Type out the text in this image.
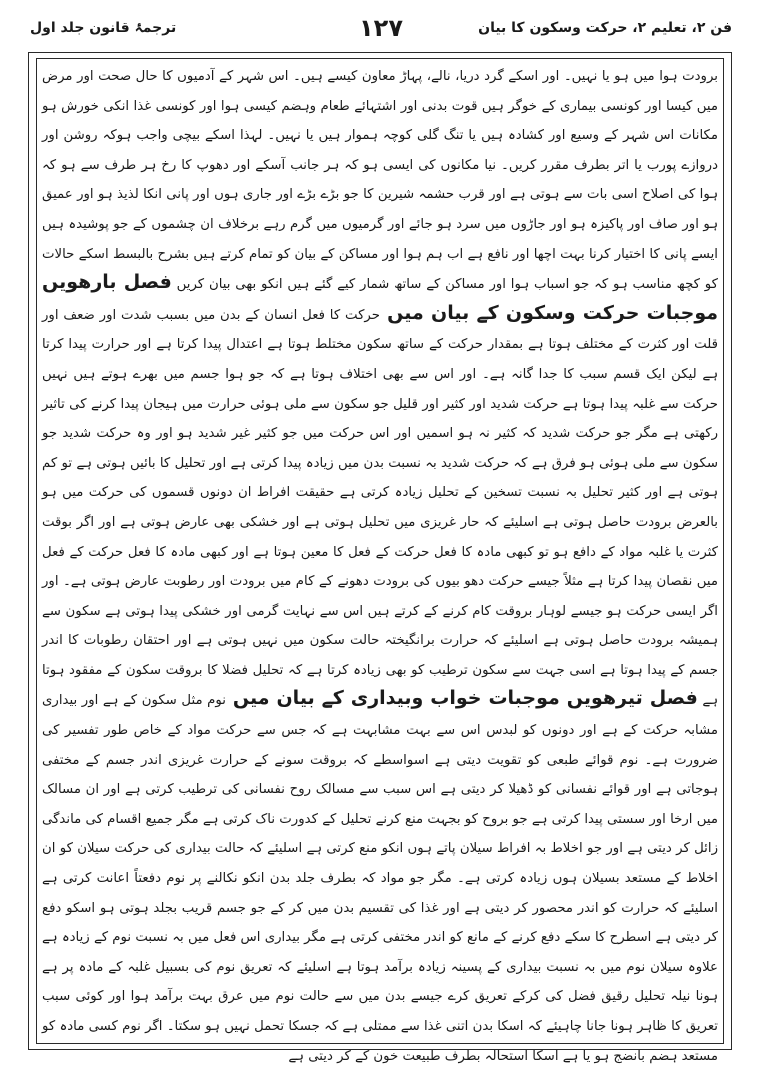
فن ۲، تعلیم ۲، حرکت وسکون کا بیان
۱۲۷
ترجمۂ قانون جلد اول

برودت ہوا میں ہو یا نہیں۔ اور اسکے گرد دریا، نالے، پہاڑ معاون کیسے ہیں۔ اس شہر کے آدمیوں کا حال صحت اور مرض میں کیسا اور کونسی بیماری کے خوگر ہیں قوت بدنی اور اشتہائے طعام وہضم کیسی ہوا اور کونسی غذا انکی خورش ہو مکانات اس شہر کے وسیع اور کشادہ ہیں یا تنگ گلی کوچہ ہموار ہیں یا نہیں۔ لہذا اسکے بیچی واجب ہوکہ روشن اور دروازے پورب یا اتر بطرف مقرر کریں۔ نیا مکانوں کی ایسی ہو کہ ہر جانب آسکے اور دھوپ کا رخ ہر طرف سے ہو کہ ہوا کی اصلاح اسی بات سے ہوتی ہے اور قرب حشمہ شیرین کا جو بڑے بڑے اور جاری ہوں اور پانی انکا لذیذ ہو اور عمیق ہو اور صاف اور پاکیزہ ہو اور جاڑوں میں سرد ہو جائے اور گرمیوں میں گرم رہے برخلاف ان چشموں کے جو پوشیدہ ہیں ایسے پانی کا اختیار کرنا بہت اچھا اور نافع ہے اب ہم ہوا اور مساکن کے بیان کو تمام کرتے ہیں بشرح بالبسط اسکے حالات کو کچھ مناسب ہو کہ جو اسباب ہوا اور مساکن کے ساتھ شمار کیے گئے ہیں انکو بھی بیان کریں

فصل بارھویں موجبات حرکت وسکون کے بیان میں

حرکت کا فعل انسان کے بدن میں بسبب شدت اور ضعف اور قلت اور کثرت کے مختلف ہوتا ہے بمقدار حرکت کے ساتھ سکون مختلط ہوتا ہے اعتدال پیدا کرتا ہے اور حرارت پیدا کرتا ہے لیکن ایک قسم سبب کا جدا گانہ ہے۔ اور اس سے بھی اختلاف ہوتا ہے کہ جو ہوا جسم میں بھرے ہوتے ہیں نہیں حرکت سے غلبہ پیدا ہوتا ہے حرکت شدید اور کثیر اور قلیل جو سکون سے ملی ہوئی حرارت میں ہیجان پیدا کرنے کی تاثیر رکھتی ہے مگر جو حرکت شدید کہ کثیر نہ ہو اسمیں اور اس حرکت میں جو کثیر غیر شدید ہو اور وہ حرکت شدید جو سکون سے ملی ہوئی ہو فرق ہے کہ حرکت شدید بہ نسبت بدن میں زیادہ پیدا کرتی ہے اور تحلیل کا بائیں ہوتی ہے تو کم ہوتی ہے اور کثیر تحلیل بہ نسبت تسخین کے تحلیل زیادہ کرتی ہے حقیقت افراط ان دونوں قسموں کی حرکت میں ہو بالعرض برودت حاصل ہوتی ہے اسلیئے کہ حار غریزی میں تحلیل ہوتی ہے اور خشکی بھی عارض ہوتی ہے اور اگر بوقت کثرت یا غلبہ مواد کے دافع ہو تو کبھی مادہ کا فعل حرکت کے فعل کا معین ہوتا ہے اور کبھی مادہ کا فعل حرکت کے فعل میں نقصان پیدا کرتا ہے مثلاً جیسے حرکت دھو بیوں کی برودت دھونے کے کام میں برودت اور رطوبت عارض ہوتی ہے۔ اور اگر ایسی حرکت ہو جیسے لوہار بروقت کام کرنے کے کرتے ہیں اس سے نہایت گرمی اور خشکی پیدا ہوتی ہے سکون سے ہمیشہ برودت حاصل ہوتی ہے اسلیئے کہ حرارت برانگیختہ حالت سکون میں نہیں ہوتی ہے اور احتقان رطوبات کا اندر جسم کے پیدا ہوتا ہے اسی جہت سے سکون ترطیب کو بھی زیادہ کرتا ہے کہ تحلیل فضلا کا بروقت سکون کے مفقود ہوتا ہے

فصل تیرھویں موجبات خواب وبیداری کے بیان میں

نوم مثل سکون کے ہے اور بیداری مشابہ حرکت کے ہے اور دونوں کو لبدس اس سے بہت مشابہت ہے کہ جس سے حرکت مواد کے خاص طور تفسیر کی ضرورت ہے۔ نوم قوائے طبعی کو تقویت دیتی ہے اسواسطے کہ بروقت سونے کے حرارت غریزی اندر جسم کے مختفی ہوجاتی ہے اور قوائے نفسانی کو ڈھیلا کر دیتی ہے اس سبب سے مسالک روح نفسانی کی ترطیب کرتی ہے اور ان مسالک میں ارخا اور سستی پیدا کرتی ہے جو بروح کو بجہت منع کرنے تحلیل کے کدورت ناک کرتی ہے مگر جمیع اقسام کی ماندگی زائل کر دیتی ہے اور جو اخلاط بہ افراط سیلان پاتے ہوں انکو منع کرتی ہے اسلیئے کہ حالت بیداری کی حرکت سیلان کو ان اخلاط کے مستعد بسیلان ہوں زیادہ کرتی ہے۔ مگر جو مواد کہ بطرف جلد بدن انکو نکالنے پر نوم دفعتاً اعانت کرتی ہے اسلیئے کہ حرارت کو اندر محصور کر دیتی ہے اور غذا کی تقسیم بدن میں کر کے جو جسم قریب بجلد ہوتی ہو اسکو دفع کر دیتی ہے اسطرح کا سکے دفع کرنے کے مانع کو اندر مختفی کرتی ہے مگر بیداری اس فعل میں بہ نسبت نوم کے زیادہ ہے علاوہ سیلان نوم میں بہ نسبت بیداری کے پسینہ زیادہ برآمد ہوتا ہے اسلیئے کہ تعریق نوم کی بسبیل غلبہ کے مادہ پر ہے ہونا نیلہ تحلیل رقیق فضل کی کرکے تعریق کرے جیسے بدن میں سے حالت نوم میں عرق بہت برآمد ہوا اور کوئی سبب تعریق کا ظاہر ہونا جانا چاہیئے کہ اسکا بدن اتنی غذا سے ممتلی ہے کہ جسکا تحمل نہیں ہو سکتا۔ اگر نوم کسی مادہ کو مستعد ہضم بانضج ہو یا ہے اسکا استحالہ بطرف طبیعت خون کے کر دیتی ہے
